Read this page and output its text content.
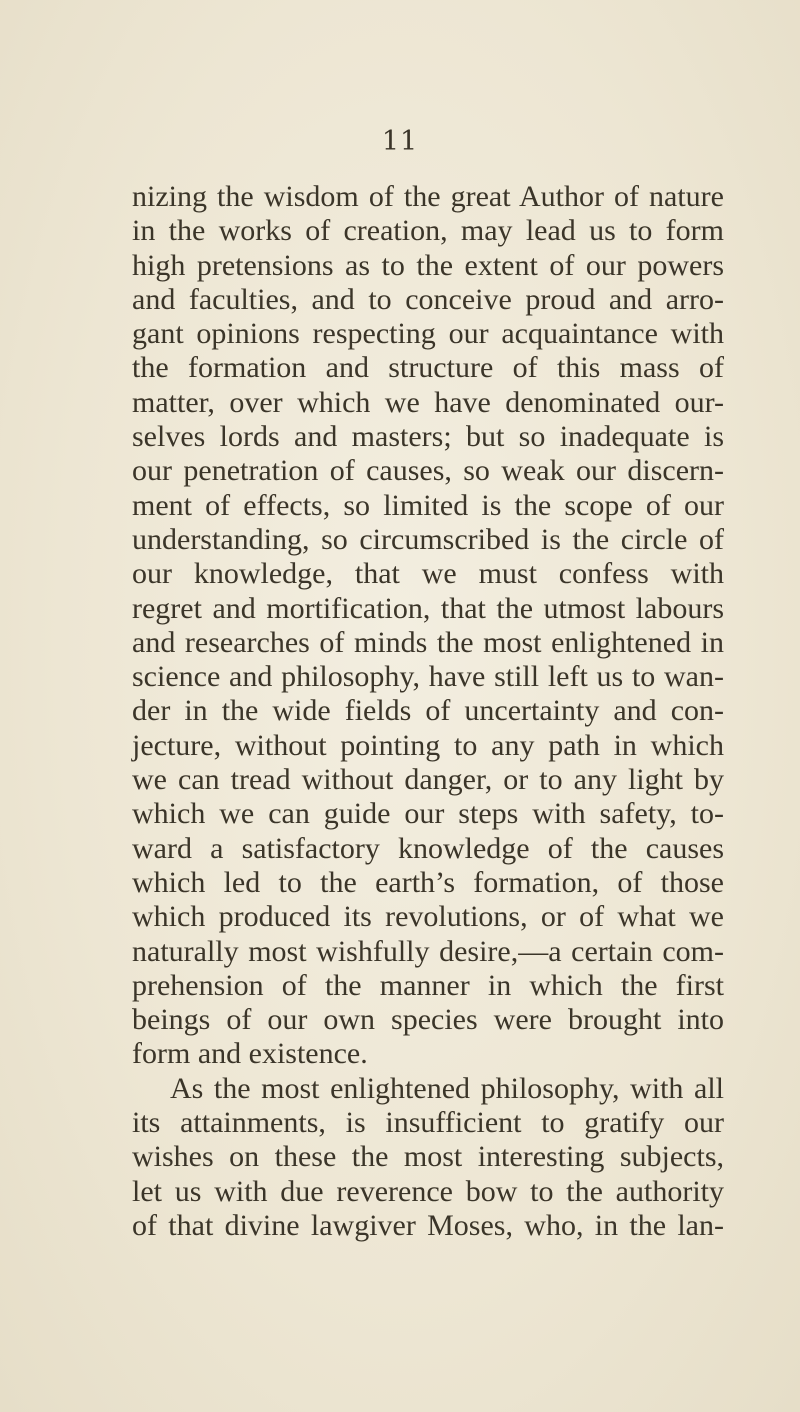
11
nizing the wisdom of the great Author of nature
in the works of creation, may lead us to form
high pretensions as to the extent of our powers
and faculties, and to conceive proud and arro-
gant opinions respecting our acquaintance with
the formation and structure of this mass of
matter, over which we have denominated our-
selves lords and masters; but so inadequate is
our penetration of causes, so weak our discern-
ment of effects, so limited is the scope of our
understanding, so circumscribed is the circle of
our knowledge, that we must confess with
regret and mortification, that the utmost labours
and researches of minds the most enlightened in
science and philosophy, have still left us to wan-
der in the wide fields of uncertainty and con-
jecture, without pointing to any path in which
we can tread without danger, or to any light by
which we can guide our steps with safety, to-
ward a satisfactory knowledge of the causes
which led to the earth’s formation, of those
which produced its revolutions, or of what we
naturally most wishfully desire,—a certain com-
prehension of the manner in which the first
beings of our own species were brought into
form and existence.
As the most enlightened philosophy, with all
its attainments, is insufficient to gratify our
wishes on these the most interesting subjects,
let us with due reverence bow to the authority
of that divine lawgiver Moses, who, in the lan-
